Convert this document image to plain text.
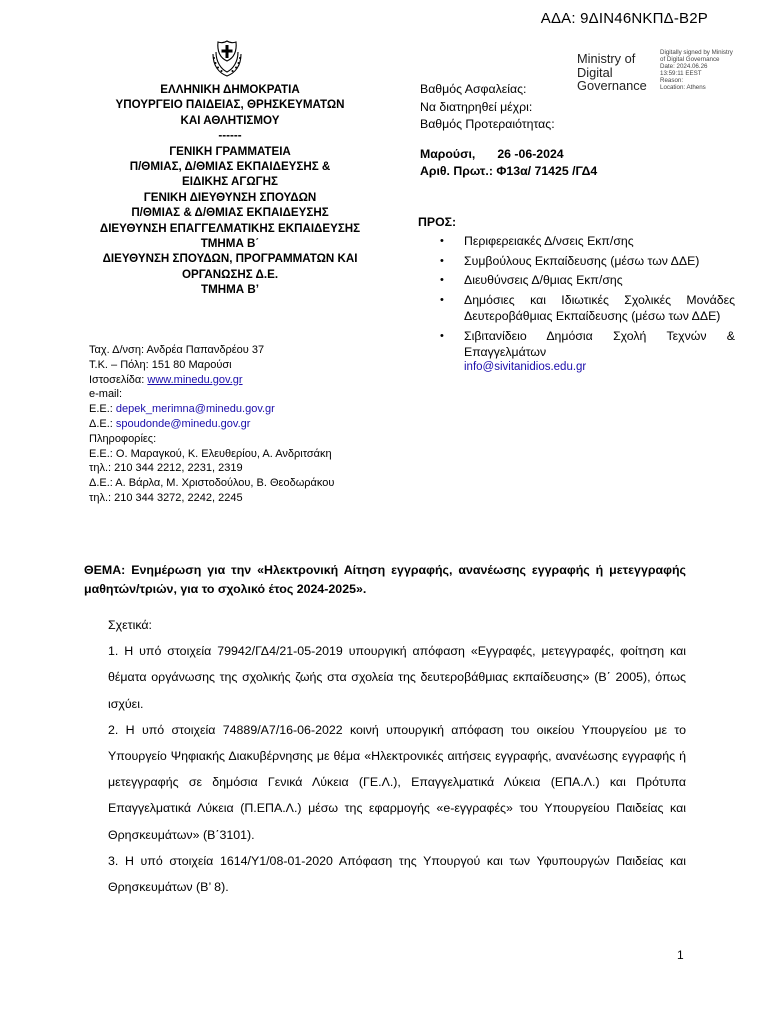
ΑΔΑ: 9ΔΙΝ46ΝΚΠΔ-Β2Ρ
ΕΛΛΗΝΙΚΗ ΔΗΜΟΚΡΑΤΙΑ
ΥΠΟΥΡΓΕΙΟ ΠΑΙΔΕΙΑΣ, ΘΡΗΣΚΕΥΜΑΤΩΝ
ΚΑΙ ΑΘΛΗΤΙΣΜΟΥ
------
ΓΕΝΙΚΗ ΓΡΑΜΜΑΤΕΙΑ
Π/ΘΜΙΑΣ, Δ/ΘΜΙΑΣ ΕΚΠΑΙΔΕΥΣΗΣ &
ΕΙΔΙΚΗΣ ΑΓΩΓΗΣ
ΓΕΝΙΚΗ ΔΙΕΥΘΥΝΣΗ ΣΠΟΥΔΩΝ
Π/ΘΜΙΑΣ & Δ/ΘΜΙΑΣ ΕΚΠΑΙΔΕΥΣΗΣ
ΔΙΕΥΘΥΝΣΗ ΕΠΑΓΓΕΛΜΑΤΙΚΗΣ ΕΚΠΑΙΔΕΥΣΗΣ
ΤΜΗΜΑ Β΄
ΔΙΕΥΘΥΝΣΗ ΣΠΟΥΔΩΝ, ΠΡΟΓΡΑΜΜΑΤΩΝ ΚΑΙ
ΟΡΓΑΝΩΣΗΣ Δ.Ε.
ΤΜΗΜΑ Β’
Βαθμός Ασφαλείας:
Να διατηρηθεί μέχρι:
Βαθμός Προτεραιότητας:
Ministry of
Digital
Governance
Digitally signed by Ministry
of Digital Governance
Date: 2024.06.26
13:59:11 EEST
Reason:
Location: Athens
Μαρούσι, 26 -06-2024
Αριθ. Πρωτ.: Φ13α/ 71425 /ΓΔ4
ΠΡΟΣ:
• Περιφερειακές Δ/νσεις Εκπ/σης
• Συμβούλους Εκπαίδευσης (μέσω των ΔΔΕ)
• Διευθύνσεις Δ/θμιας Εκπ/σης
• Δημόσιες και Ιδιωτικές Σχολικές Μονάδες Δευτεροβάθμιας Εκπαίδευσης (μέσω των ΔΔΕ)
• Σιβιτανίδειο Δημόσια Σχολή Τεχνών & Επαγγελμάτων
info@sivitanidios.edu.gr
Ταχ. Δ/νση: Ανδρέα Παπανδρέου 37
Τ.Κ. – Πόλη: 151 80 Μαρούσι
Ιστοσελίδα: www.minedu.gov.gr
e-mail:
Ε.Ε.: depek_merimna@minedu.gov.gr
Δ.Ε.: spoudonde@minedu.gov.gr
Πληροφορίες:
Ε.Ε.: Ο. Μαραγκού, Κ. Ελευθερίου, Α. Ανδριτσάκη
τηλ.: 210 344 2212, 2231, 2319
Δ.Ε.: Α. Βάρλα, Μ. Χριστοδούλου, Β. Θεοδωράκου
τηλ.: 210 344 3272, 2242, 2245
ΘΕΜΑ: Ενημέρωση για την «Ηλεκτρονική Αίτηση εγγραφής, ανανέωσης εγγραφής ή μετεγγραφής μαθητών/τριών, για το σχολικό έτος 2024-2025».

Σχετικά:

1. Η υπό στοιχεία 79942/ΓΔ4/21-05-2019 υπουργική απόφαση «Εγγραφές, μετεγγραφές, φοίτηση και θέματα οργάνωσης της σχολικής ζωής στα σχολεία της δευτεροβάθμιας εκπαίδευσης» (Β΄ 2005), όπως ισχύει.

2. Η υπό στοιχεία 74889/Α7/16-06-2022 κοινή υπουργική απόφαση του οικείου Υπουργείου με το Υπουργείο Ψηφιακής Διακυβέρνησης με θέμα «Ηλεκτρονικές αιτήσεις εγγραφής, ανανέωσης εγγραφής ή μετεγγραφής σε δημόσια Γενικά Λύκεια (ΓΕ.Λ.), Επαγγελματικά Λύκεια (ΕΠΑ.Λ.) και Πρότυπα Επαγγελματικά Λύκεια (Π.ΕΠΑ.Λ.) μέσω της εφαρμογής «e-εγγραφές» του Υπουργείου Παιδείας και Θρησκευμάτων» (Β΄3101).

3. Η υπό στοιχεία 1614/Υ1/08-01-2020 Απόφαση της Υπουργού και των Υφυπουργών Παιδείας και Θρησκευμάτων (Β’ 8).

1
